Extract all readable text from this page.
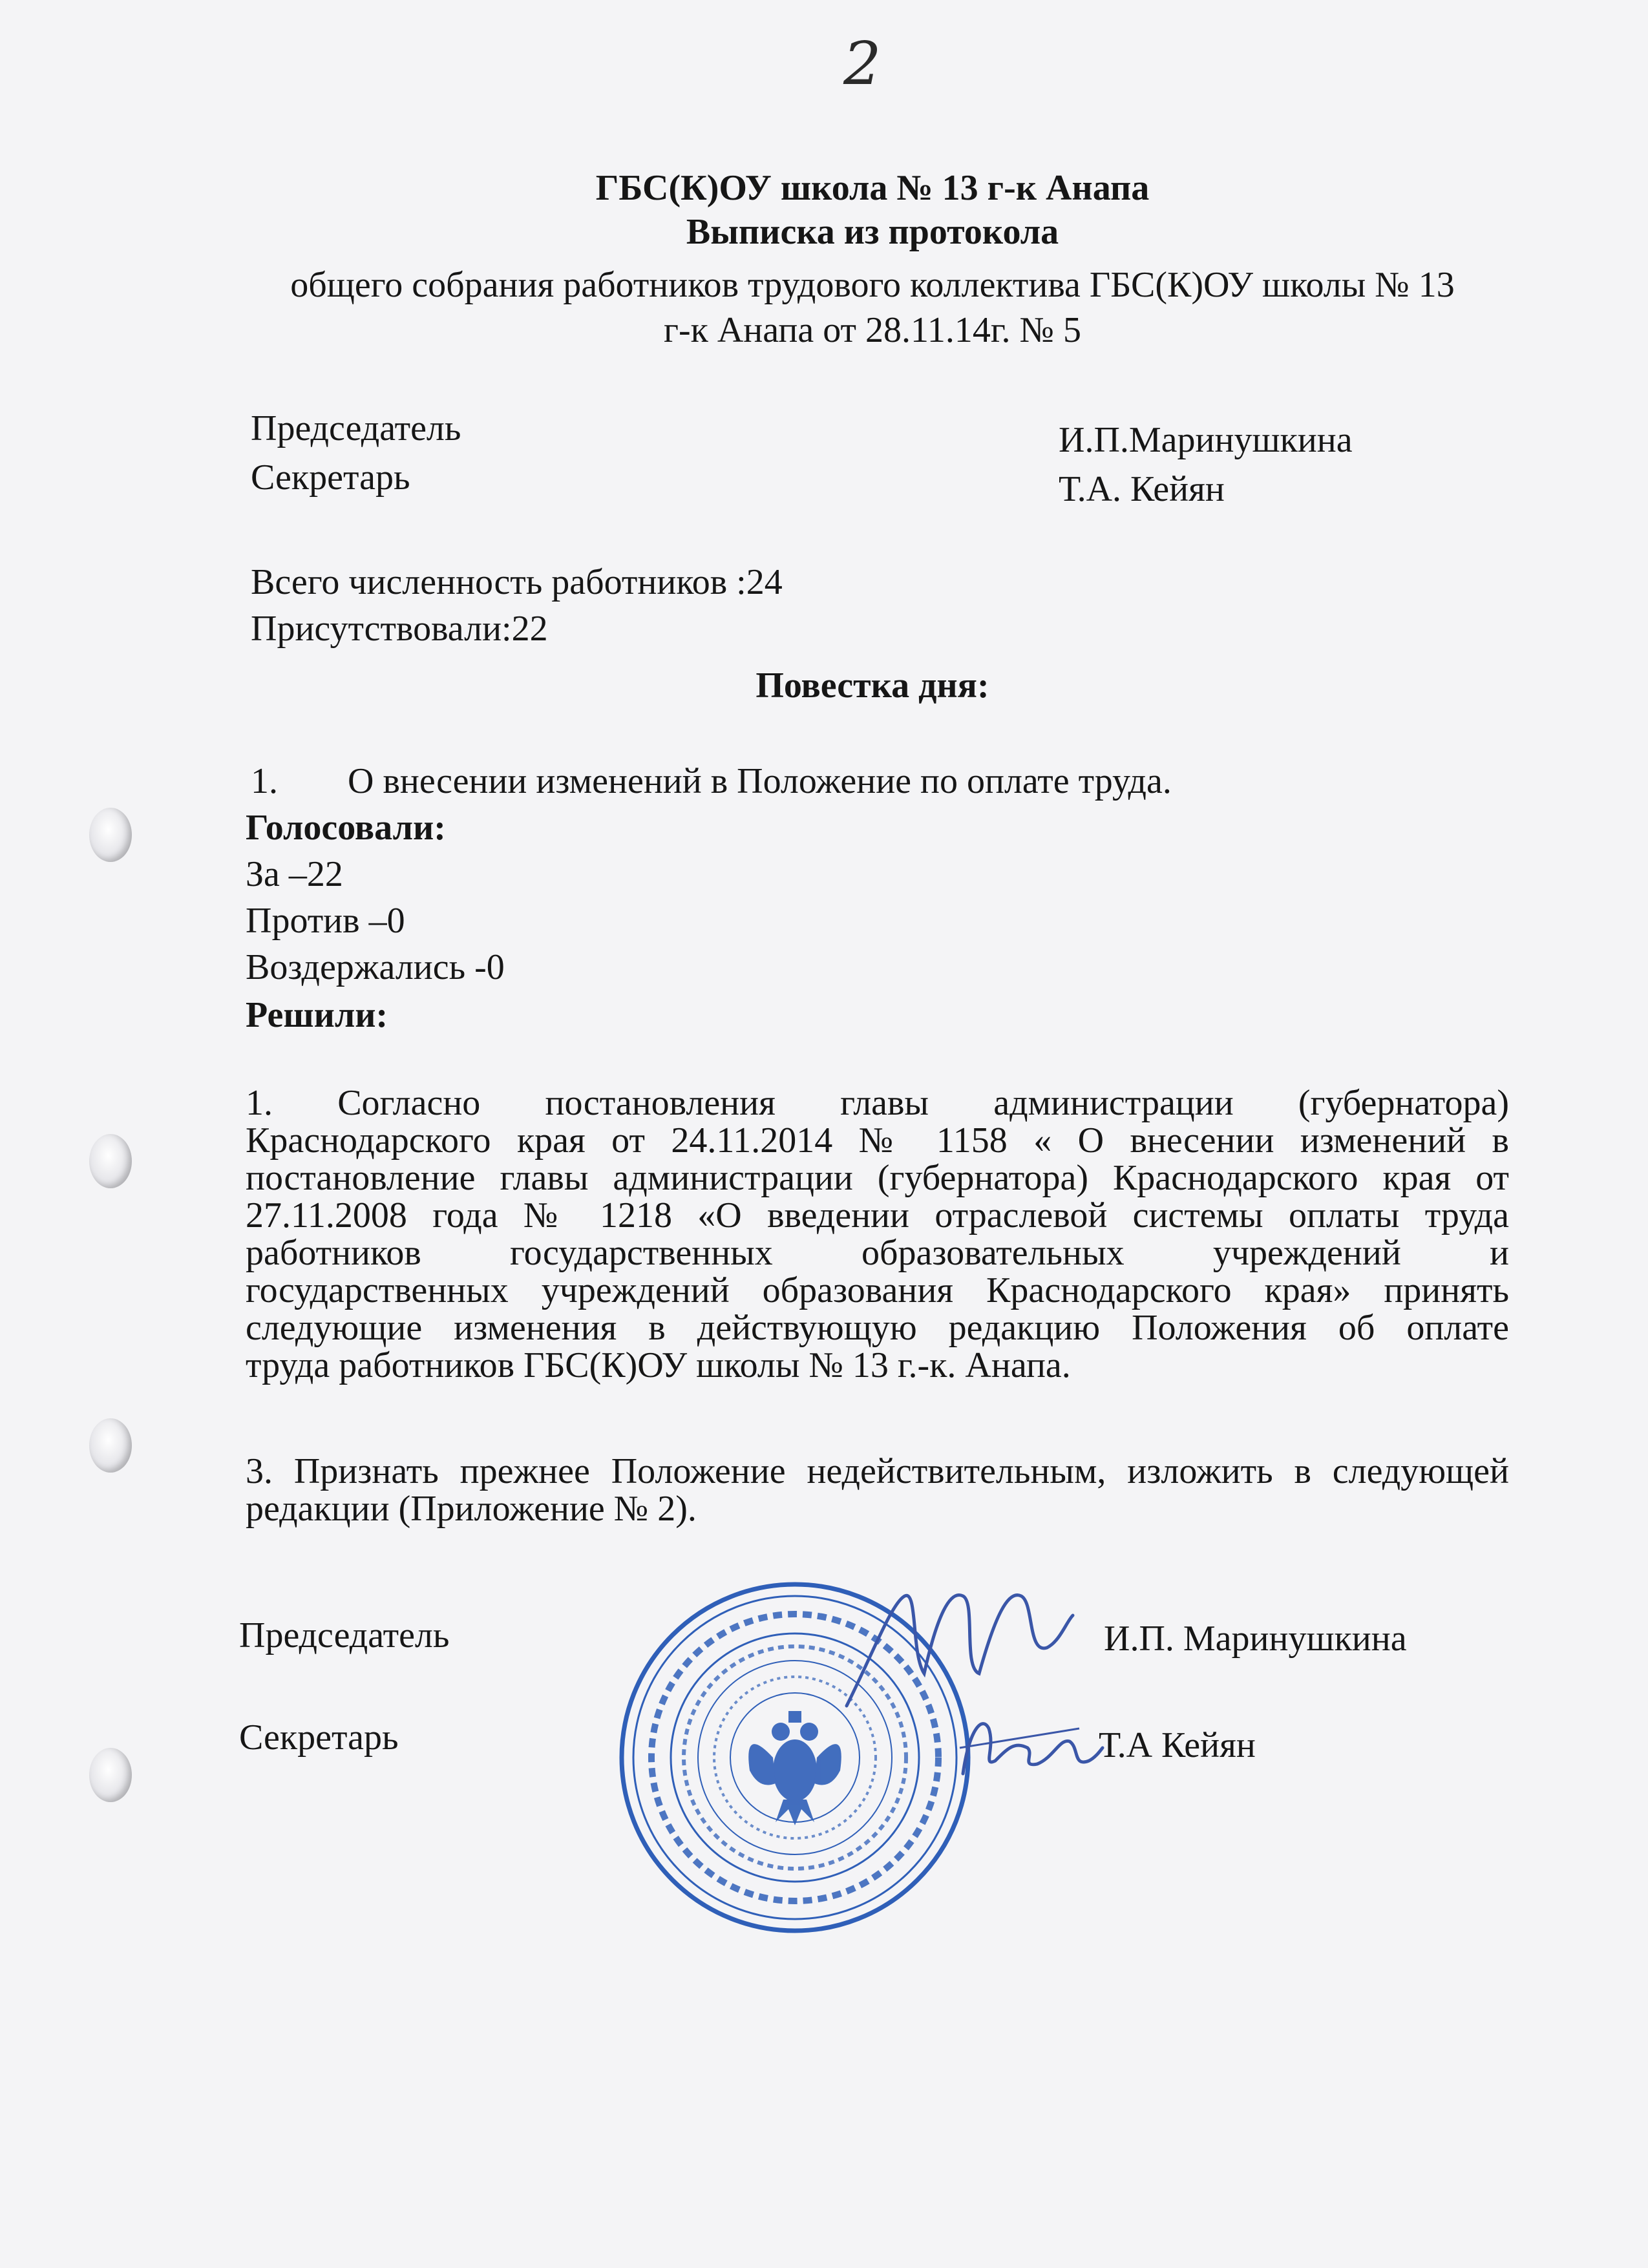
2
ГБС(К)ОУ школа № 13 г-к Анапа
Выписка из протокола
общего собрания работников трудового коллектива ГБС(К)ОУ школы № 13
г-к Анапа от 28.11.14г. № 5
Председатель	И.П.Маринушкина
Секретарь	Т.А. Кейян
Всего численность работников :24
Присутствовали:22
Повестка дня:
1. О внесении изменений в Положение по оплате труда.
Голосовали:
За –22
Против –0
Воздержались -0
Решили:
1. Согласно постановления главы администрации (губернатора)
Краснодарского края от 24.11.2014 № 1158 « О внесении изменений в
постановление главы администрации (губернатора) Краснодарского края от
27.11.2008 года № 1218 «О введении отраслевой системы оплаты труда
работников государственных образовательных учреждений и
государственных учреждений образования Краснодарского края» принять
следующие изменения в действующую редакцию Положения об оплате
труда работников ГБС(К)ОУ школы № 13 г.-к. Анапа.
3. Признать прежнее Положение недействительным, изложить в следующей
редакции (Приложение № 2).
Председатель	И.П. Маринушкина
Секретарь	Т.А Кейян
